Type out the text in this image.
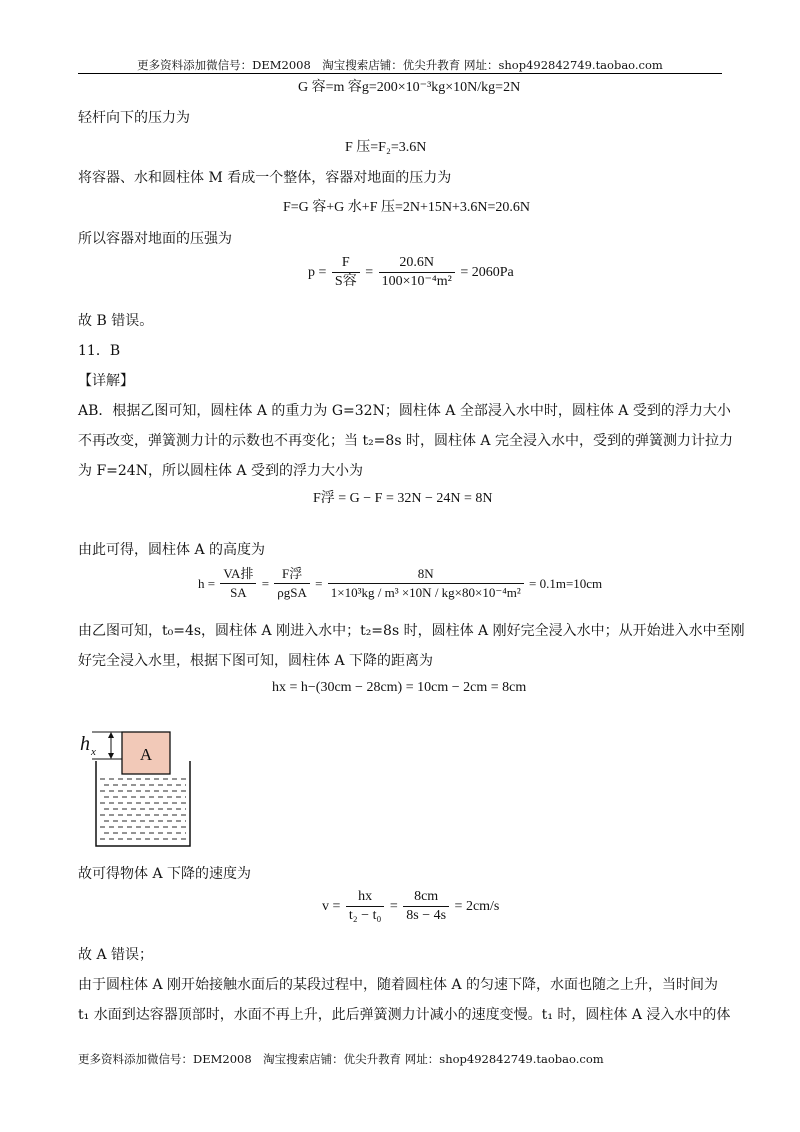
更多资料添加微信号：DEM2008　淘宝搜索店铺：优尖升教育 网址：shop492842749.taobao.com
G 容=m 容g=200×10⁻³kg×10N/kg=2N
轻杆向下的压力为
F 压=F₂=3.6N
将容器、水和圆柱体 M 看成一个整体，容器对地面的压力为
F=G 容+G 水+F 压=2N+15N+3.6N=20.6N
所以容器对地面的压强为
$p = \frac{F}{\text{S容}} = \frac{20.6N}{\text{100×10⁻⁴m²}} = 2060Pa$
故 B 错误。
11．B
【详解】
AB．根据乙图可知，圆柱体 A 的重力为 G=32N；圆柱体 A 全部浸入水中时，圆柱体 A 受到的浮力大小
不再改变，弹簧测力计的示数也不再变化；当 t₂=8s 时，圆柱体 A 完全浸入水中，受到的弹簧测力计拉力
为 F=24N，所以圆柱体 A 受到的浮力大小为
F浮 = G − F = 32N − 24N = 8N
由此可得，圆柱体 A 的高度为
$h = \frac{\text{VA排}}{SA} = \frac{\text{F浮}}{\text{ρgSA}} = \frac{8N}{\text{1×10³kg / m³ ×10N / kg×80×10⁻⁴m²}} = 0.1m=10cm$
由乙图可知，t₀=4s，圆柱体 A 刚进入水中；t₂=8s 时，圆柱体 A 刚好完全浸入水中；从开始进入水中至刚
好完全浸入水里，根据下图可知，圆柱体 A 下降的距离为
hx = h−(30cm − 28cm) = 10cm − 2cm = 8cm
h x	A
故可得物体 A 下降的速度为
$v = \frac{hx}{\text{t₂ − t₀}} = \frac{8cm}{8s - 4s} = 2cm/s$
故 A 错误；
由于圆柱体 A 刚开始接触水面后的某段过程中，随着圆柱体 A 的匀速下降，水面也随之上升，当时间为
t₁ 水面到达容器顶部时，水面不再上升，此后弹簧测力计减小的速度变慢。t₁ 时，圆柱体 A 浸入水中的体
更多资料添加微信号：DEM2008　淘宝搜索店铺：优尖升教育 网址：shop492842749.taobao.com
